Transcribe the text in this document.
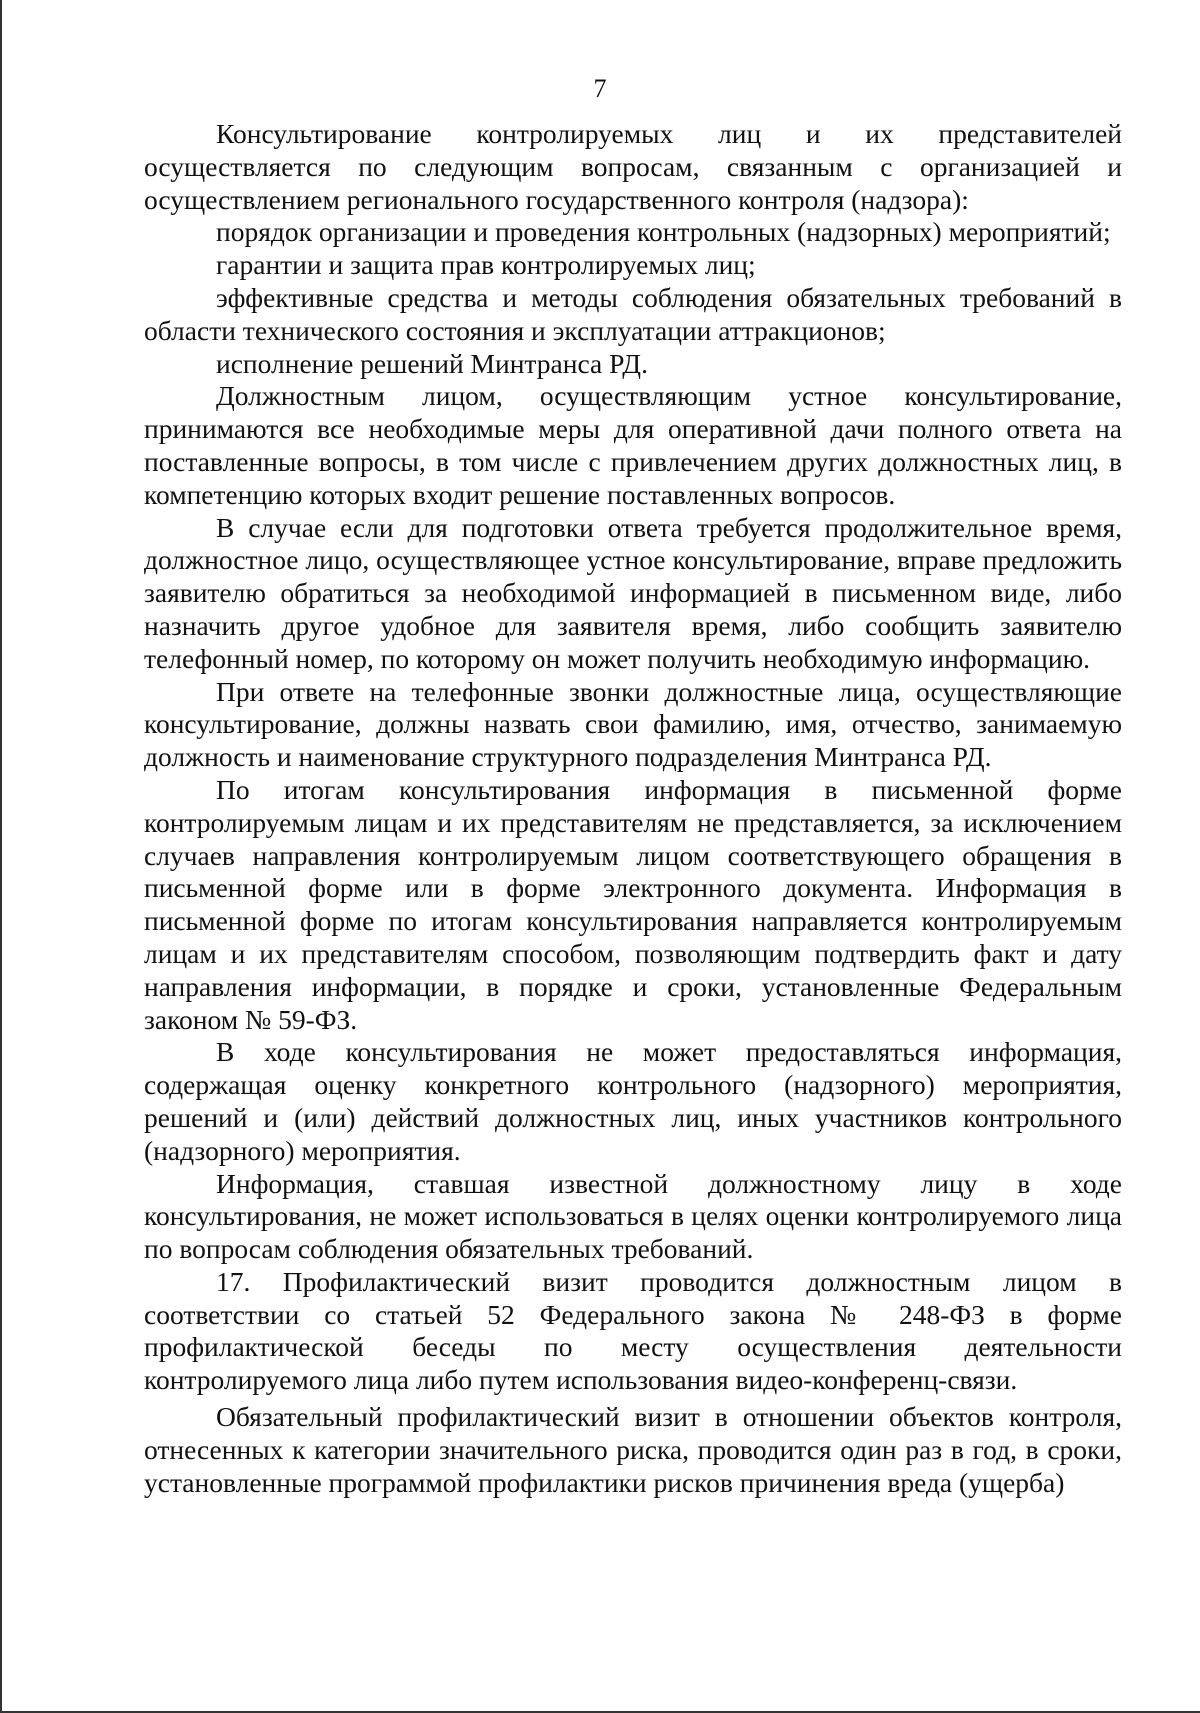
7

Консультирование контролируемых лиц и их представителей осуществляется по следующим вопросам, связанным с организацией и осуществлением регионального государственного контроля (надзора):

порядок организации и проведения контрольных (надзорных) мероприятий;

гарантии и защита прав контролируемых лиц;

эффективные средства и методы соблюдения обязательных требований в области технического состояния и эксплуатации аттракционов;

исполнение решений Минтранса РД.

Должностным лицом, осуществляющим устное консультирование, принимаются все необходимые меры для оперативной дачи полного ответа на поставленные вопросы, в том числе с привлечением других должностных лиц, в компетенцию которых входит решение поставленных вопросов.

В случае если для подготовки ответа требуется продолжительное время, должностное лицо, осуществляющее устное консультирование, вправе предложить заявителю обратиться за необходимой информацией в письменном виде, либо назначить другое удобное для заявителя время, либо сообщить заявителю телефонный номер, по которому он может получить необходимую информацию.

При ответе на телефонные звонки должностные лица, осуществляющие консультирование, должны назвать свои фамилию, имя, отчество, занимаемую должность и наименование структурного подразделения Минтранса РД.

По итогам консультирования информация в письменной форме контролируемым лицам и их представителям не представляется, за исключением случаев направления контролируемым лицом соответствующего обращения в письменной форме или в форме электронного документа. Информация в письменной форме по итогам консультирования направляется контролируемым лицам и их представителям способом, позволяющим подтвердить факт и дату направления информации, в порядке и сроки, установленные Федеральным законом № 59-ФЗ.

В ходе консультирования не может предоставляться информация, содержащая оценку конкретного контрольного (надзорного) мероприятия, решений и (или) действий должностных лиц, иных участников контрольного (надзорного) мероприятия.

Информация, ставшая известной должностному лицу в ходе консультирования, не может использоваться в целях оценки контролируемого лица по вопросам соблюдения обязательных требований.

17. Профилактический визит проводится должностным лицом в соответствии со статьей 52 Федерального закона № 248-ФЗ в форме профилактической беседы по месту осуществления деятельности контролируемого лица либо путем использования видео-конференц-связи.

Обязательный профилактический визит в отношении объектов контроля, отнесенных к категории значительного риска, проводится один раз в год, в сроки, установленные программой профилактики рисков причинения вреда (ущерба)
